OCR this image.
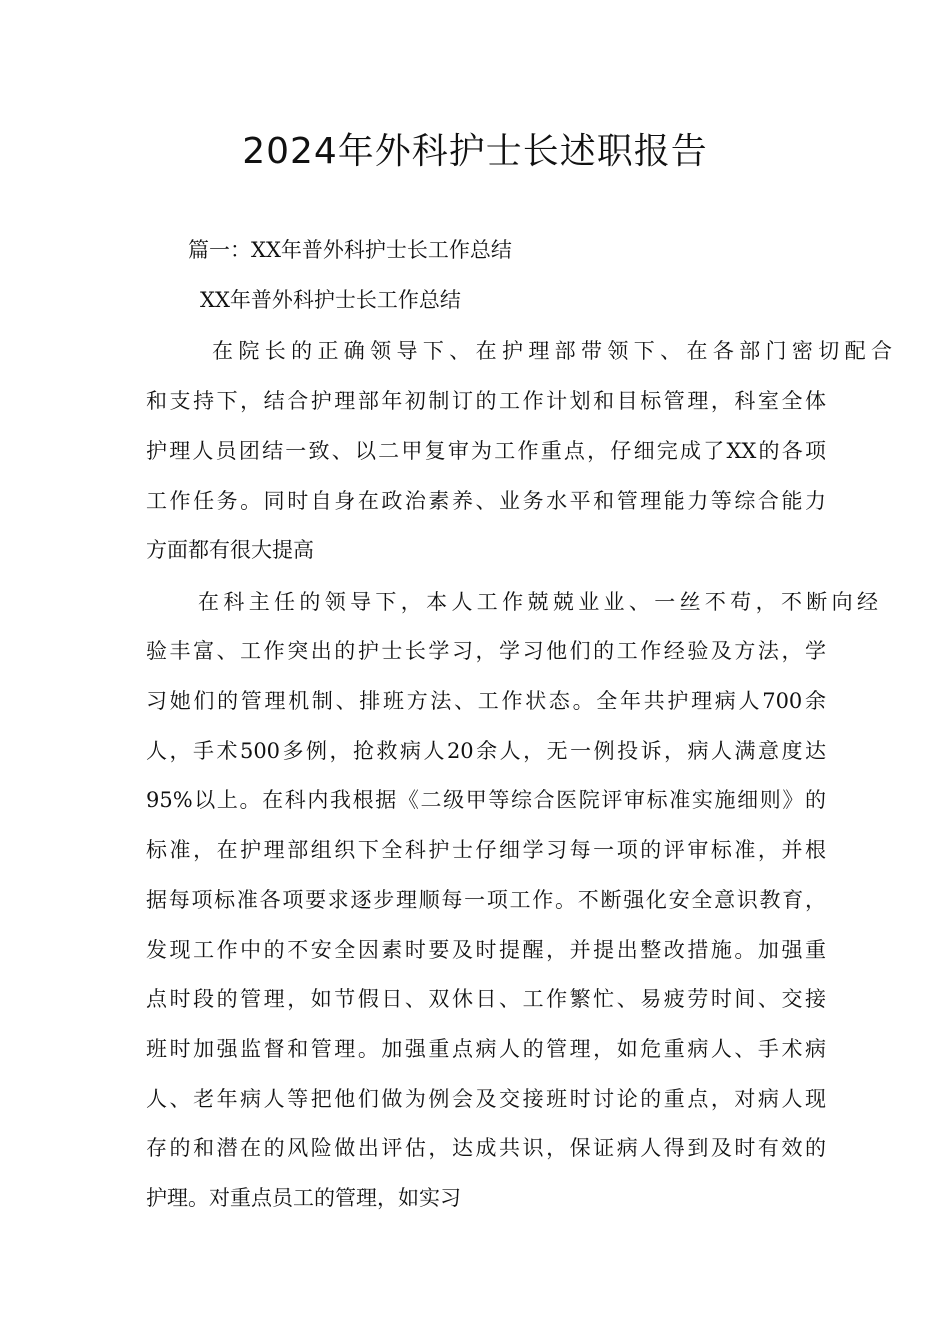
2024年外科护士长述职报告
篇一：XX年普外科护士长工作总结
XX年普外科护士长工作总结
在院长的正确领导下、在护理部带领下、在各部门密切配合
和支持下，结合护理部年初制订的工作计划和目标管理，科室全体
护理人员团结一致、以二甲复审为工作重点，仔细完成了XX的各项
工作任务。同时自身在政治素养、业务水平和管理能力等综合能力
方面都有很大提高
在科主任的领导下，本人工作兢兢业业、一丝不苟，不断向经
验丰富、工作突出的护士长学习，学习他们的工作经验及方法，学
习她们的管理机制、排班方法、工作状态。全年共护理病人700余
人，手术500多例，抢救病人20余人，无一例投诉，病人满意度达
95%以上。在科内我根据《二级甲等综合医院评审标准实施细则》的
标准，在护理部组织下全科护士仔细学习每一项的评审标准，并根
据每项标准各项要求逐步理顺每一项工作。不断强化安全意识教育，
发现工作中的不安全因素时要及时提醒，并提出整改措施。加强重
点时段的管理，如节假日、双休日、工作繁忙、易疲劳时间、交接
班时加强监督和管理。加强重点病人的管理，如危重病人、手术病
人、老年病人等把他们做为例会及交接班时讨论的重点，对病人现
存的和潜在的风险做出评估，达成共识，保证病人得到及时有效的
护理。对重点员工的管理，如实习
